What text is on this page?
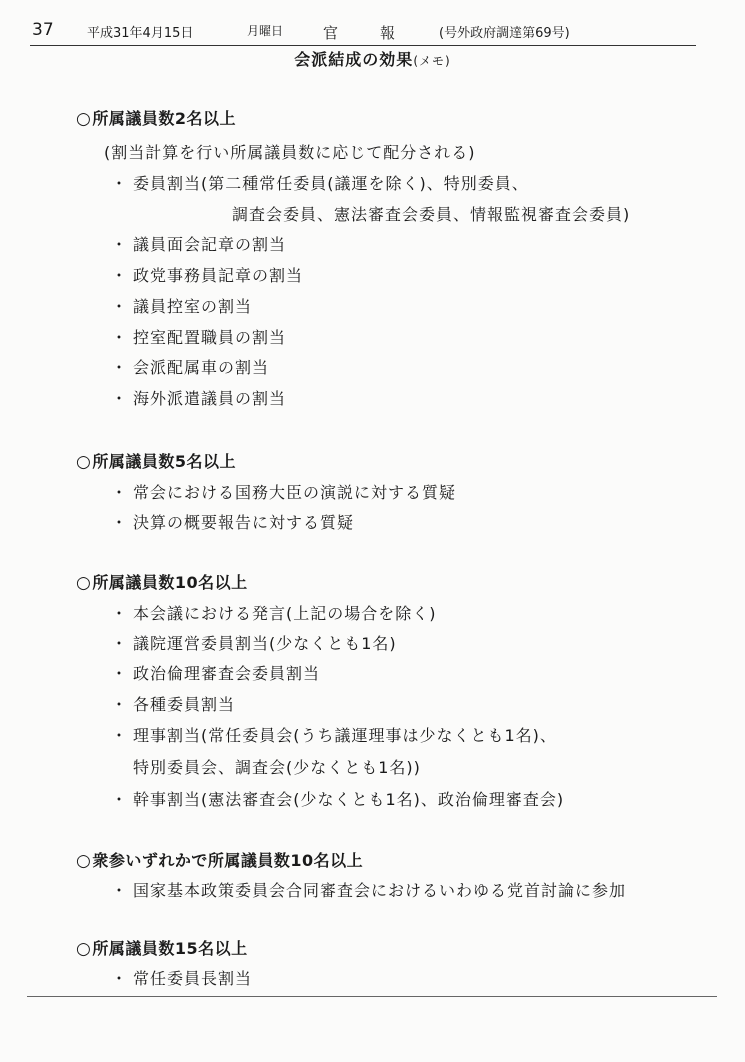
37	平成31年4月15日	月曜日	官	報	(号外政府調達第69号)
会派結成の効果(メモ)
○所属議員数2名以上
(割当計算を行い所属議員数に応じて配分される)
・ 委員割当(第二種常任委員(議運を除く)、特別委員、
調査会委員、憲法審査会委員、情報監視審査会委員)
・ 議員面会記章の割当
・ 政党事務員記章の割当
・ 議員控室の割当
・ 控室配置職員の割当
・ 会派配属車の割当
・ 海外派遣議員の割当
○所属議員数5名以上
・ 常会における国務大臣の演説に対する質疑
・ 決算の概要報告に対する質疑
○所属議員数10名以上
・ 本会議における発言(上記の場合を除く)
・ 議院運営委員割当(少なくとも1名)
・ 政治倫理審査会委員割当
・ 各種委員割当
・ 理事割当(常任委員会(うち議運理事は少なくとも1名)、
特別委員会、調査会(少なくとも1名))
・ 幹事割当(憲法審査会(少なくとも1名)、政治倫理審査会)
○衆参いずれかで所属議員数10名以上
・ 国家基本政策委員会合同審査会におけるいわゆる党首討論に参加
○所属議員数15名以上
・ 常任委員長割当
